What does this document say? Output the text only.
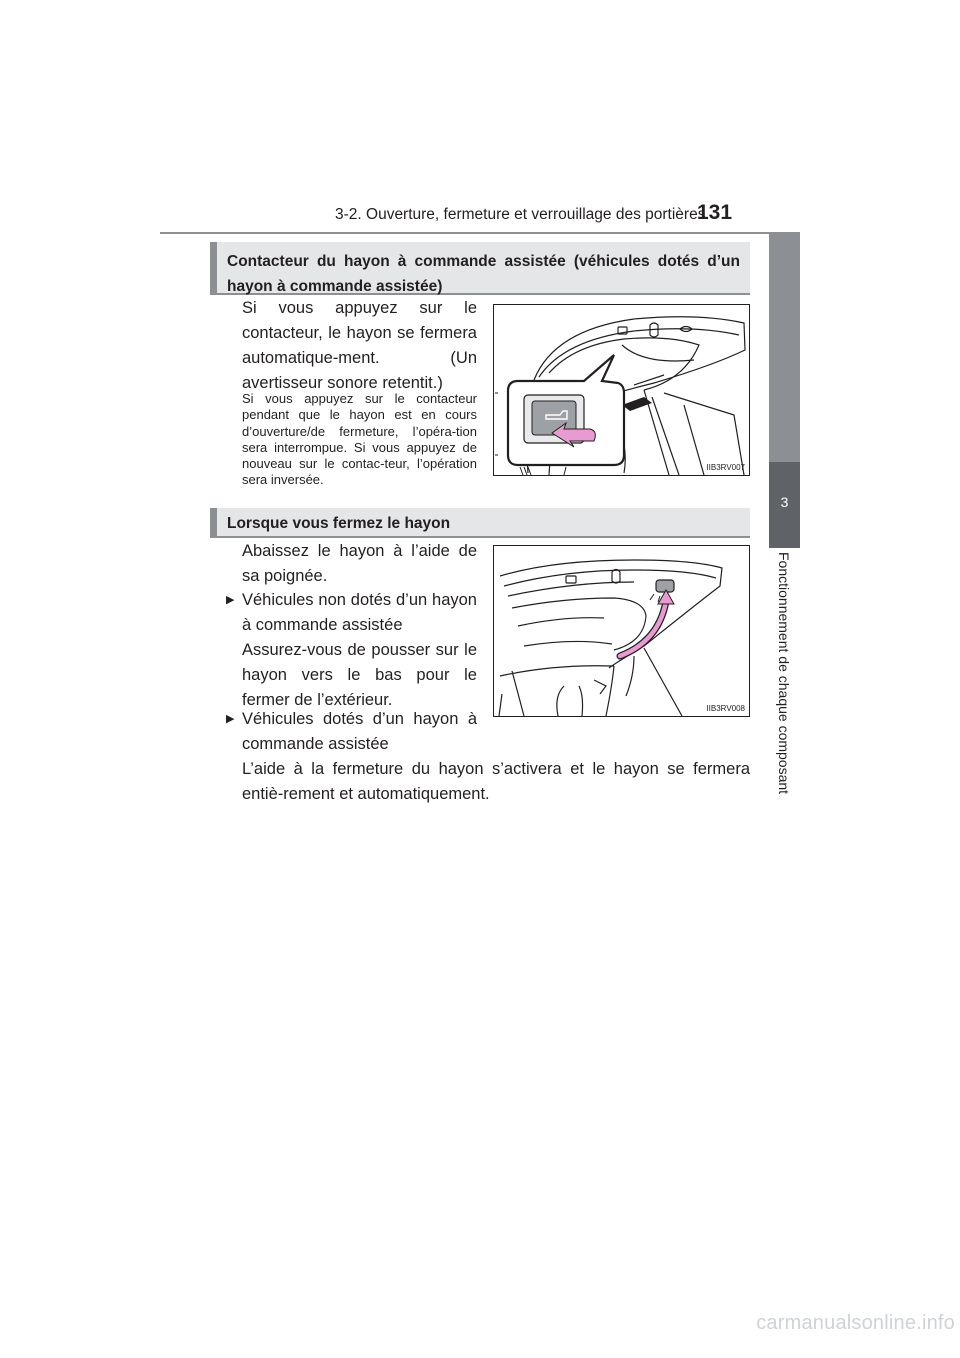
3-2. Ouverture, fermeture et verrouillage des portières
131
3
Fonctionnement de chaque composant
Contacteur du hayon à commande assistée (véhicules dotés d’un hayon à commande assistée)
Si vous appuyez sur le contacteur, le hayon se fermera automatique-ment. (Un avertisseur sonore retentit.)
Si vous appuyez sur le contacteur pendant que le hayon est en cours d’ouverture/de fermeture, l’opéra-tion sera interrompue. Si vous appuyez de nouveau sur le contac-teur, l’opération sera inversée.
IIB3RV007
Lorsque vous fermez le hayon
Abaissez le hayon à l’aide de sa poignée.
▶ Véhicules non dotés d’un hayon à commande assistée
Assurez-vous de pousser sur le hayon vers le bas pour le fermer de l’extérieur.
▶ Véhicules dotés d’un hayon à commande assistée
L’aide à la fermeture du hayon s’activera et le hayon se fermera entiè-rement et automatiquement.
IIB3RV008
carmanualsonline.info
